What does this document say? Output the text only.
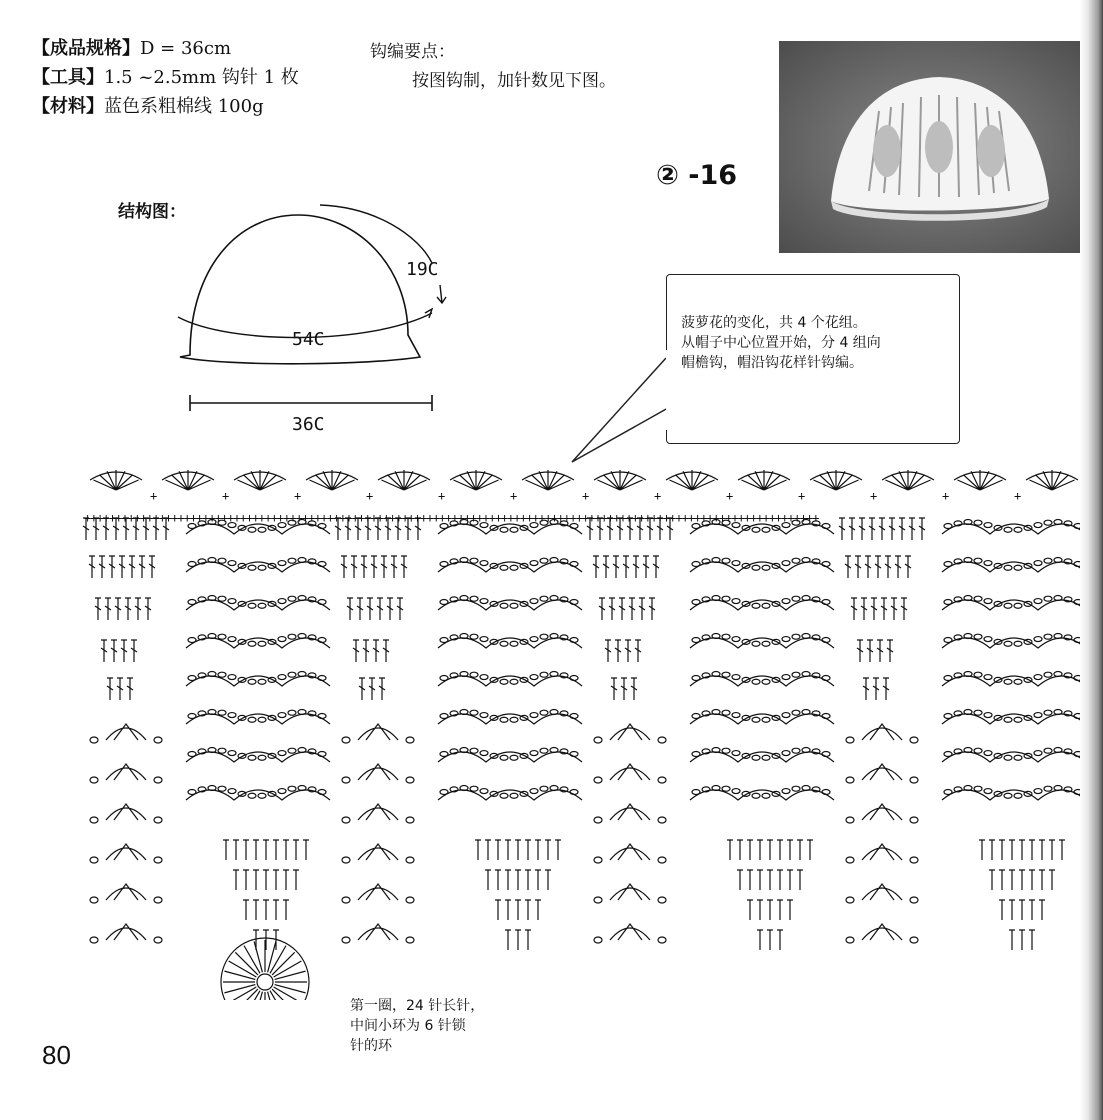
【成品规格】D = 36cm
【工具】1.5 ~2.5mm 钩针 1 枚
【材料】蓝色系粗棉线 100g
钩编要点：
按图钩制，加针数见下图。
② -16
结构图：
19C
54C
36C
菠萝花的变化，共 4 个花组。
从帽子中心位置开始，分 4 组向
帽檐钩，帽沿钩花样针钩编。
+	+	+	+	+	+	+	+	+	+	+	+	+
++++++++++++++++++++++++++++++++++++++++++++++++++++++++++++++++++++++++++++++++++++++++++++++++++++++++++++++++++++++
第一圈，24 针长针，
中间小环为 6 针锁
针的环
80
